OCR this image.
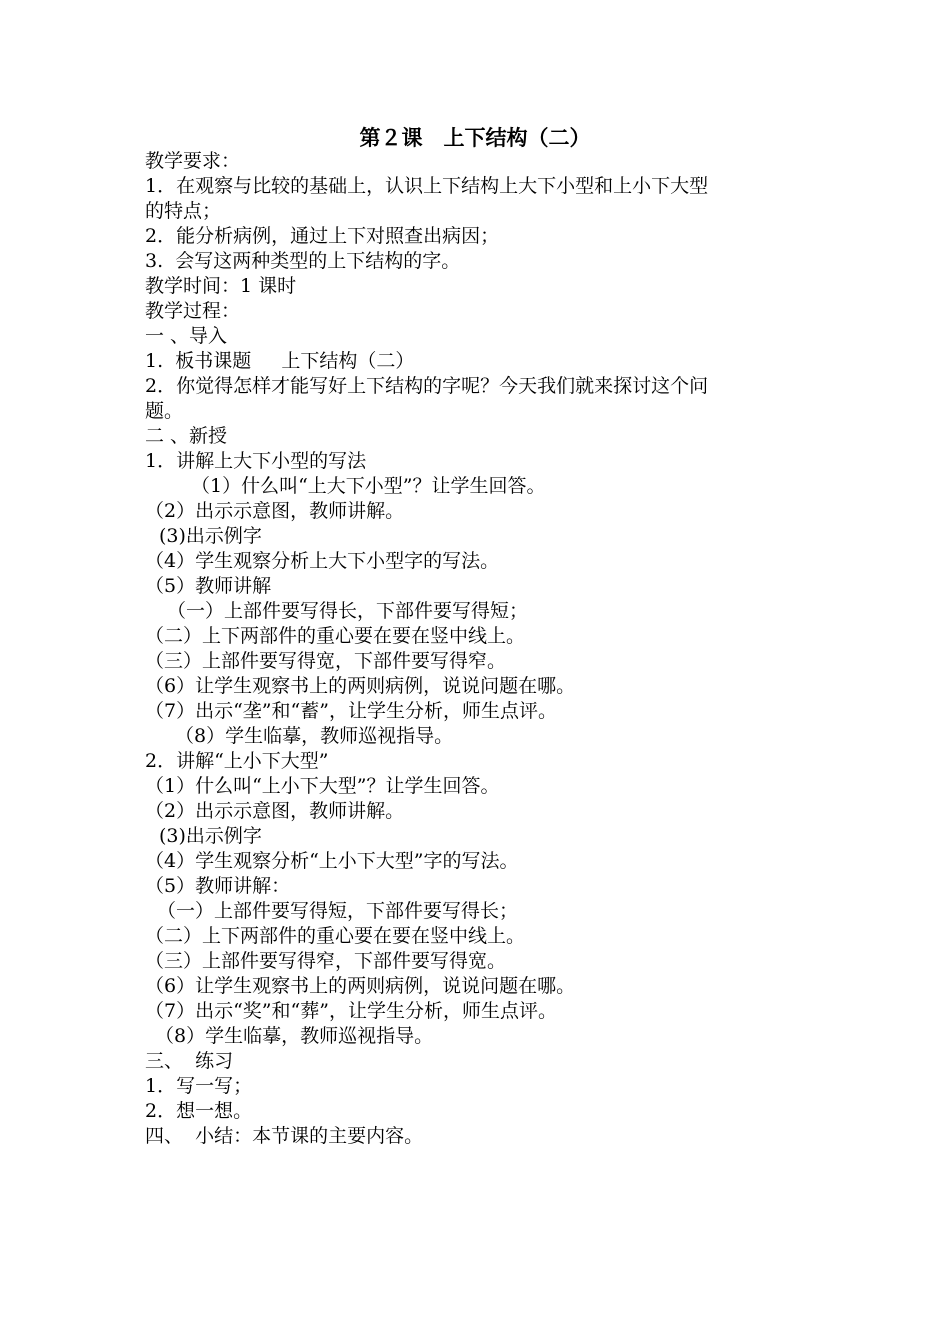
第２课　上下结构（二）
教学要求：
1．在观察与比较的基础上，认识上下结构上大下小型和上小下大型
的特点；
2．能分析病例，通过上下对照查出病因；
3.  会写这两种类型的上下结构的字。
教学时间：1 课时
教学过程：
一 、导入
1.  板书课题     上下结构（二）
2．你觉得怎样才能写好上下结构的字呢？今天我们就来探讨这个问
题。
二 、新授
1．讲解上大下小型的写法
（1）什么叫“上大下小型”？让学生回答。
（2）出示示意图，教师讲解。
(3)出示例字
（4）学生观察分析上大下小型字的写法。
（5）教师讲解
（一）上部件要写得长，下部件要写得短；
（二）上下两部件的重心要在要在竖中线上。
（三）上部件要写得宽，下部件要写得窄。
（6）让学生观察书上的两则病例，说说问题在哪。
（7）出示“垄”和“蓄”，让学生分析，师生点评。
（8）学生临摹，教师巡视指导。
2．讲解“上小下大型”
（1）什么叫“上小下大型”？让学生回答。
（2）出示示意图，教师讲解。
(3)出示例字
（4）学生观察分析“上小下大型”字的写法。
（5）教师讲解：
（一）上部件要写得短，下部件要写得长；
（二）上下两部件的重心要在要在竖中线上。
（三）上部件要写得窄，下部件要写得宽。
（6）让学生观察书上的两则病例，说说问题在哪。
（7）出示“奖”和“葬”，让学生分析，师生点评。
（8）学生临摹，教师巡视指导。
三、  练习
1．写一写；
2．想一想。
四、  小结：本节课的主要内容。
